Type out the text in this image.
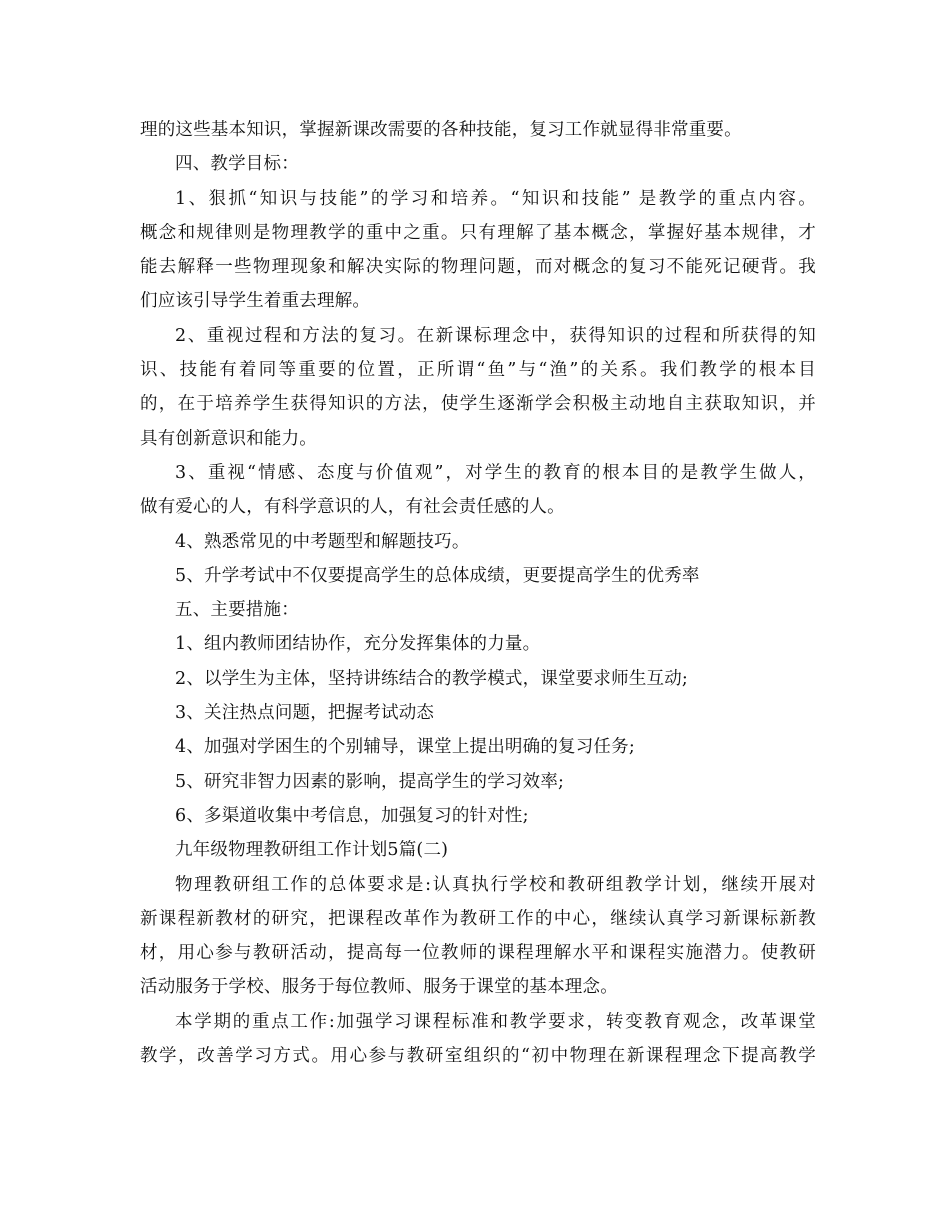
理的这些基本知识，掌握新课改需要的各种技能，复习工作就显得非常重要。
四、教学目标：
1、狠抓“知识与技能”的学习和培养。“知识和技能” 是教学的重点内容。
概念和规律则是物理教学的重中之重。只有理解了基本概念，掌握好基本规律，才
能去解释一些物理现象和解决实际的物理问题，而对概念的复习不能死记硬背。我
们应该引导学生着重去理解。
2、重视过程和方法的复习。在新课标理念中，获得知识的过程和所获得的知
识、技能有着同等重要的位置，正所谓“鱼”与“渔”的关系。我们教学的根本目
的，在于培养学生获得知识的方法，使学生逐渐学会积极主动地自主获取知识，并
具有创新意识和能力。
3、重视“情感、态度与价值观”，对学生的教育的根本目的是教学生做人，
做有爱心的人，有科学意识的人，有社会责任感的人。
4、熟悉常见的中考题型和解题技巧。
5、升学考试中不仅要提高学生的总体成绩，更要提高学生的优秀率
五、主要措施：
1、组内教师团结协作，充分发挥集体的力量。
2、以学生为主体，坚持讲练结合的教学模式，课堂要求师生互动;
3、关注热点问题，把握考试动态
4、加强对学困生的个别辅导，课堂上提出明确的复习任务;
5、研究非智力因素的影响，提高学生的学习效率;
6、多渠道收集中考信息，加强复习的针对性;
九年级物理教研组工作计划5篇(二)
物理教研组工作的总体要求是:认真执行学校和教研组教学计划，继续开展对
新课程新教材的研究，把课程改革作为教研工作的中心，继续认真学习新课标新教
材，用心参与教研活动，提高每一位教师的课程理解水平和课程实施潜力。使教研
活动服务于学校、服务于每位教师、服务于课堂的基本理念。
本学期的重点工作:加强学习课程标准和教学要求，转变教育观念，改革课堂
教学，改善学习方式。用心参与教研室组织的“初中物理在新课程理念下提高教学
